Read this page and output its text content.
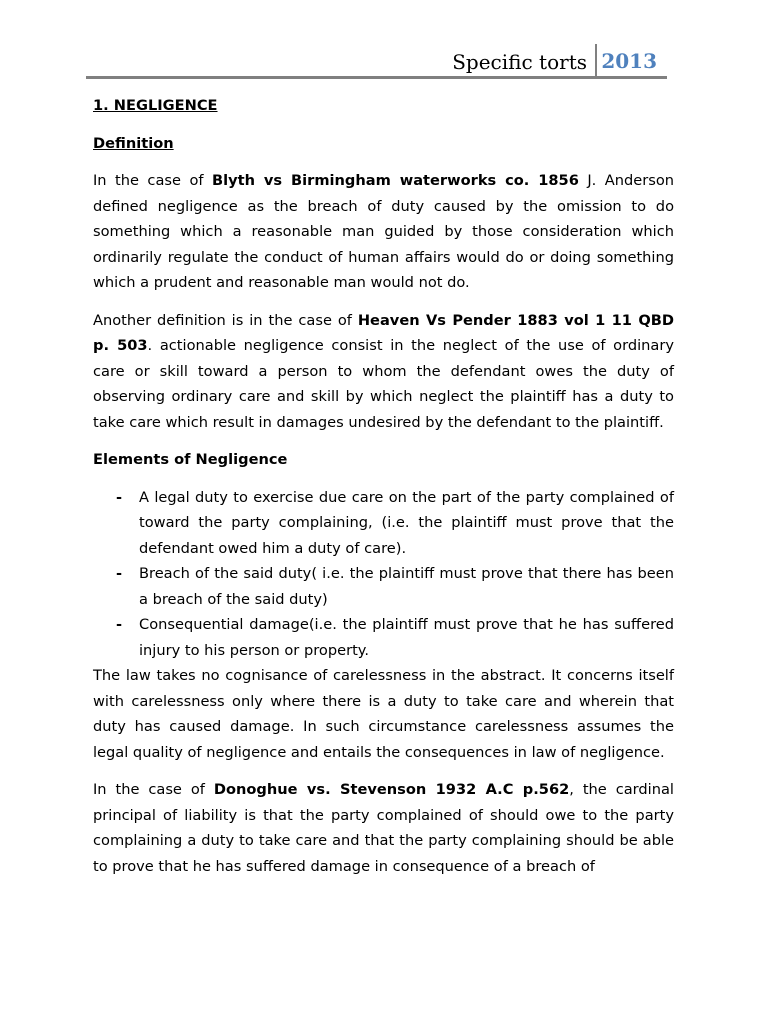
Specific torts 2013
1. NEGLIGENCE
Definition

In the case of Blyth vs Birmingham waterworks co. 1856 J. Anderson defined negligence as the breach of duty caused by the omission to do something which a reasonable man guided by those consideration which ordinarily regulate the conduct of human affairs would do or doing something which a prudent and reasonable man would not do.

Another definition is in the case of Heaven Vs Pender 1883 vol 1 11 QBD p. 503. actionable negligence consist in the neglect of the use of ordinary care or skill toward a person to whom the defendant owes the duty of observing ordinary care and skill by which neglect the plaintiff has a duty to take care which result in damages undesired by the defendant to the plaintiff.

Elements of Negligence
- A legal duty to exercise due care on the part of the party complained of toward the party complaining, (i.e. the plaintiff must prove that the defendant owed him a duty of care).
- Breach of the said duty( i.e. the plaintiff must prove that there has been a breach of the said duty)
- Consequential damage(i.e. the plaintiff must prove that he has suffered injury to his person or property.

The law takes no cognisance of carelessness in the abstract. It concerns itself with carelessness only where there is a duty to take care and wherein that duty has caused damage. In such circumstance carelessness assumes the legal quality of negligence and entails the consequences in law of negligence.

In the case of Donoghue vs. Stevenson 1932 A.C p.562, the cardinal principal of liability is that the party complained of should owe to the party complaining a duty to take care and that the party complaining should be able to prove that he has suffered damage in consequence of a breach of
